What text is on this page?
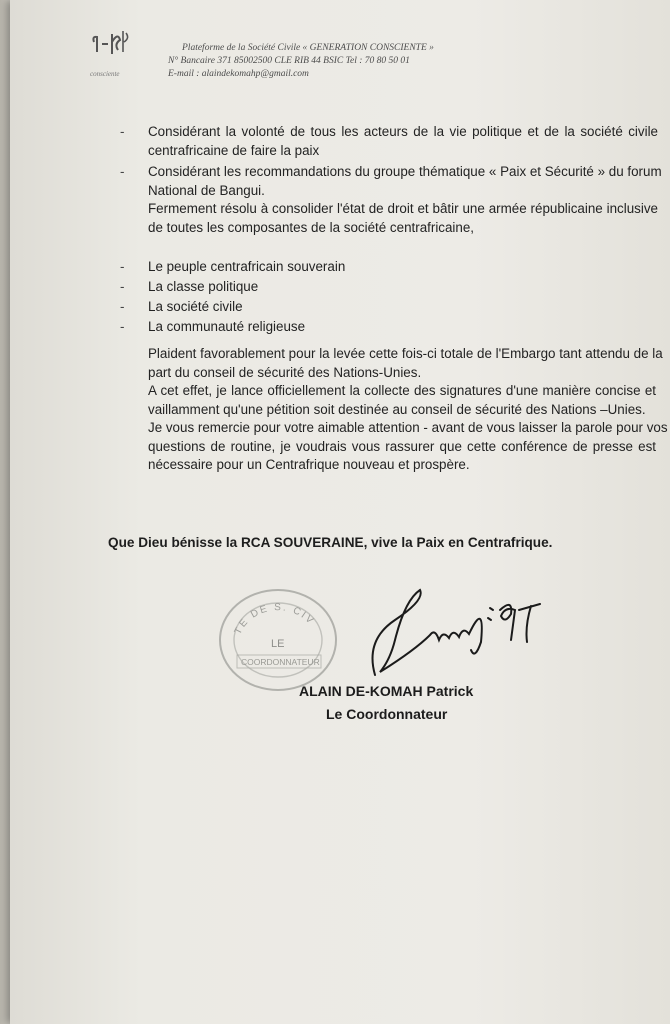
consciente
Plateforme de la Société Civile « GENERATION CONSCIENTE »
N° Bancaire 371 85002500 CLE RIB 44 BSIC Tel : 70 80 50 01
E-mail : alaindekomahp@gmail.com
- Considérant la volonté de tous les acteurs de la vie politique et de la société civile
centrafricaine de faire la paix
- Considérant les recommandations du groupe thématique « Paix et Sécurité » du forum
National de Bangui.
Fermement résolu à consolider l'état de droit et bâtir une armée républicaine inclusive
de toutes les composantes de la société centrafricaine,
- Le peuple centrafricain souverain
- La classe politique
- La société civile
- La communauté religieuse
Plaident favorablement pour la levée cette fois-ci totale de l'Embargo tant attendu de la
part du conseil de sécurité des Nations-Unies.
A cet effet, je lance officiellement la collecte des signatures d'une manière concise et
vaillamment qu'une pétition soit destinée au conseil de sécurité des Nations –Unies.
Je vous remercie pour votre aimable attention - avant de vous laisser la parole pour vos
questions de routine, je voudrais vous rassurer que cette conférence de presse est
nécessaire pour un Centrafrique nouveau et prospère.
Que Dieu bénisse la RCA SOUVERAINE, vive la Paix en Centrafrique.
TE DE S. CIV
LE
COORDONNATEUR
ALAIN DE-KOMAH Patrick
Le Coordonnateur
